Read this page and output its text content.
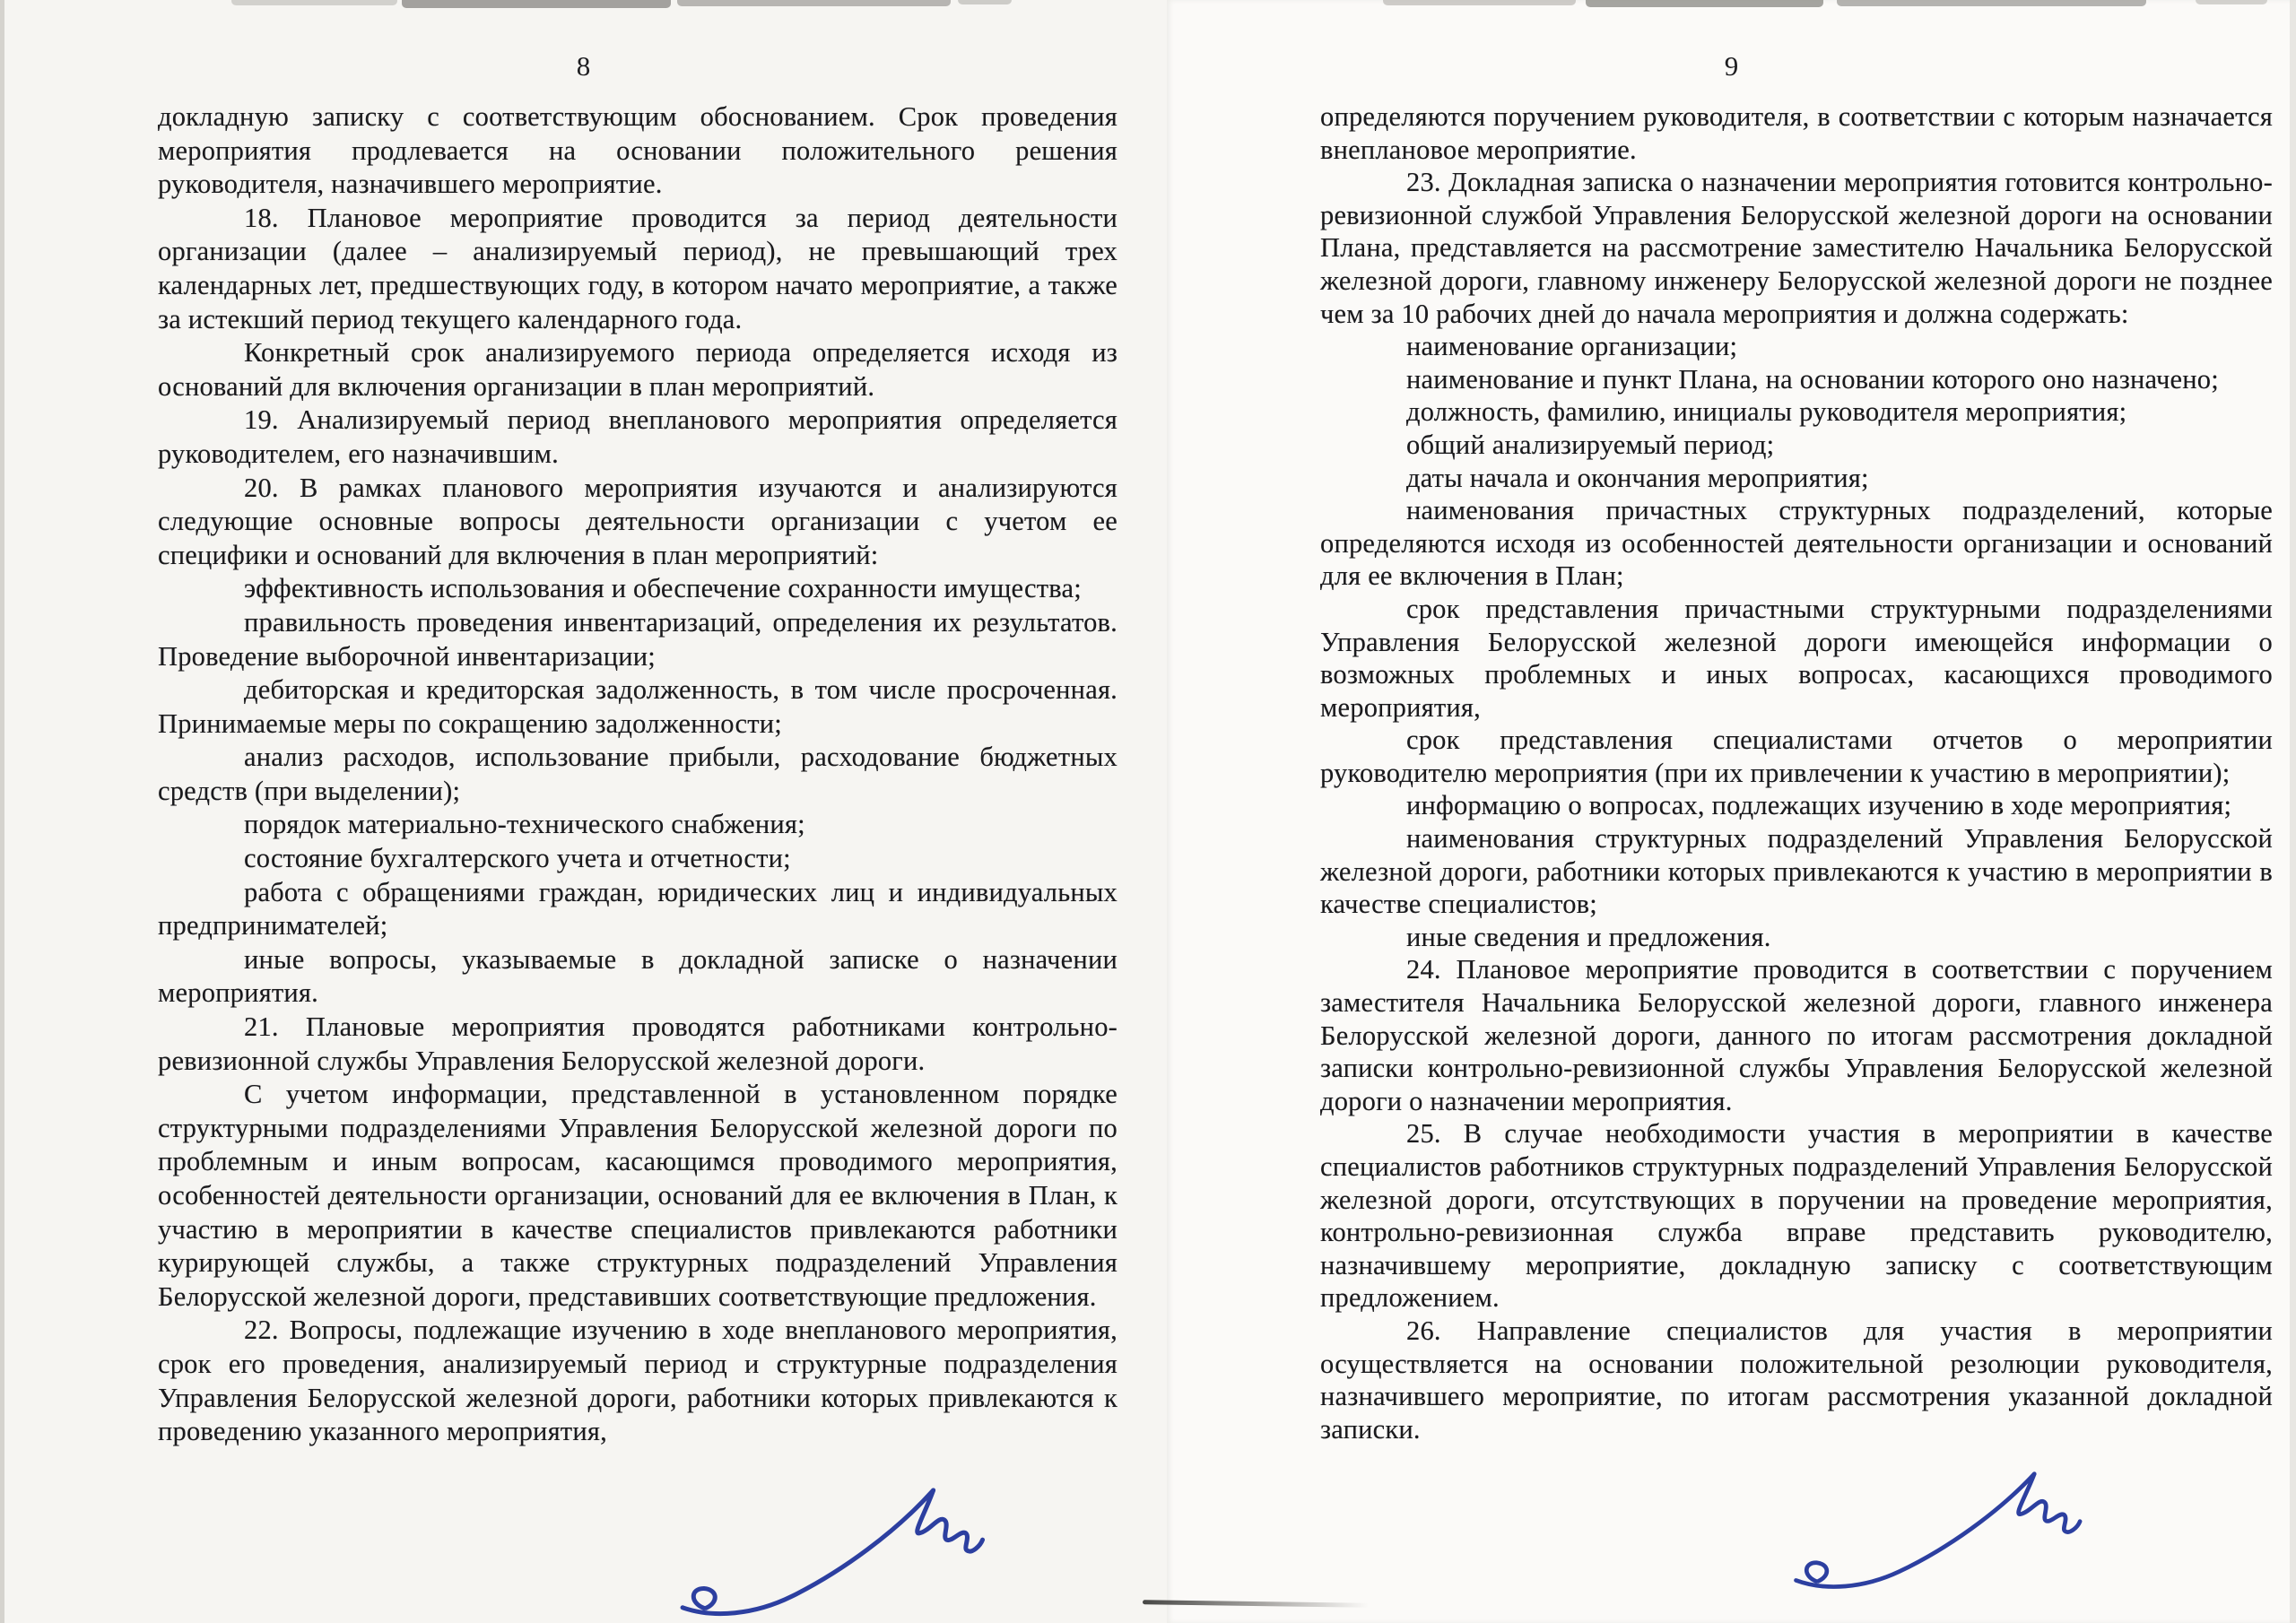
8

докладную записку с соответствующим обоснованием. Срок проведения мероприятия продлевается на основании положительного решения руководителя, назначившего мероприятие.

18. Плановое мероприятие проводится за период деятельности организации (далее – анализируемый период), не превышающий трех календарных лет, предшествующих году, в котором начато мероприятие, а также за истекший период текущего календарного года.

Конкретный срок анализируемого периода определяется исходя из оснований для включения организации в план мероприятий.

19. Анализируемый период внепланового мероприятия определяется руководителем, его назначившим.

20. В рамках планового мероприятия изучаются и анализируются следующие основные вопросы деятельности организации с учетом ее специфики и оснований для включения в план мероприятий:

эффективность использования и обеспечение сохранности имущества;

правильность проведения инвентаризаций, определения их результатов. Проведение выборочной инвентаризации;

дебиторская и кредиторская задолженность, в том числе просроченная. Принимаемые меры по сокращению задолженности;

анализ расходов, использование прибыли, расходование бюджетных средств (при выделении);

порядок материально-технического снабжения;

состояние бухгалтерского учета и отчетности;

работа с обращениями граждан, юридических лиц и индивидуальных предпринимателей;

иные вопросы, указываемые в докладной записке о назначении мероприятия.

21. Плановые мероприятия проводятся работниками контрольно-ревизионной службы Управления Белорусской железной дороги.

С учетом информации, представленной в установленном порядке структурными подразделениями Управления Белорусской железной дороги по проблемным и иным вопросам, касающимся проводимого мероприятия, особенностей деятельности организации, оснований для ее включения в План, к участию в мероприятии в качестве специалистов привлекаются работники курирующей службы, а также структурных подразделений Управления Белорусской железной дороги, представивших соответствующие предложения.

22. Вопросы, подлежащие изучению в ходе внепланового мероприятия, срок его проведения, анализируемый период и структурные подразделения Управления Белорусской железной дороги, работники которых привлекаются к проведению указанного мероприятия,

9

определяются поручением руководителя, в соответствии с которым назначается внеплановое мероприятие.

23. Докладная записка о назначении мероприятия готовится контрольно-ревизионной службой Управления Белорусской железной дороги на основании Плана, представляется на рассмотрение заместителю Начальника Белорусской железной дороги, главному инженеру Белорусской железной дороги не позднее чем за 10 рабочих дней до начала мероприятия и должна содержать:

наименование организации;

наименование и пункт Плана, на основании которого оно назначено;

должность, фамилию, инициалы руководителя мероприятия;

общий анализируемый период;

даты начала и окончания мероприятия;

наименования причастных структурных подразделений, которые определяются исходя из особенностей деятельности организации и оснований для ее включения в План;

срок представления причастными структурными подразделениями Управления Белорусской железной дороги имеющейся информации о возможных проблемных и иных вопросах, касающихся проводимого мероприятия,

срок представления специалистами отчетов о мероприятии руководителю мероприятия (при их привлечении к участию в мероприятии);

информацию о вопросах, подлежащих изучению в ходе мероприятия;

наименования структурных подразделений Управления Белорусской железной дороги, работники которых привлекаются к участию в мероприятии в качестве специалистов;

иные сведения и предложения.

24. Плановое мероприятие проводится в соответствии с поручением заместителя Начальника Белорусской железной дороги, главного инженера Белорусской железной дороги, данного по итогам рассмотрения докладной записки контрольно-ревизионной службы Управления Белорусской железной дороги о назначении мероприятия.

25. В случае необходимости участия в мероприятии в качестве специалистов работников структурных подразделений Управления Белорусской железной дороги, отсутствующих в поручении на проведение мероприятия, контрольно-ревизионная служба вправе представить руководителю, назначившему мероприятие, докладную записку с соответствующим предложением.

26. Направление специалистов для участия в мероприятии осуществляется на основании положительной резолюции руководителя, назначившего мероприятие, по итогам рассмотрения указанной докладной записки.
